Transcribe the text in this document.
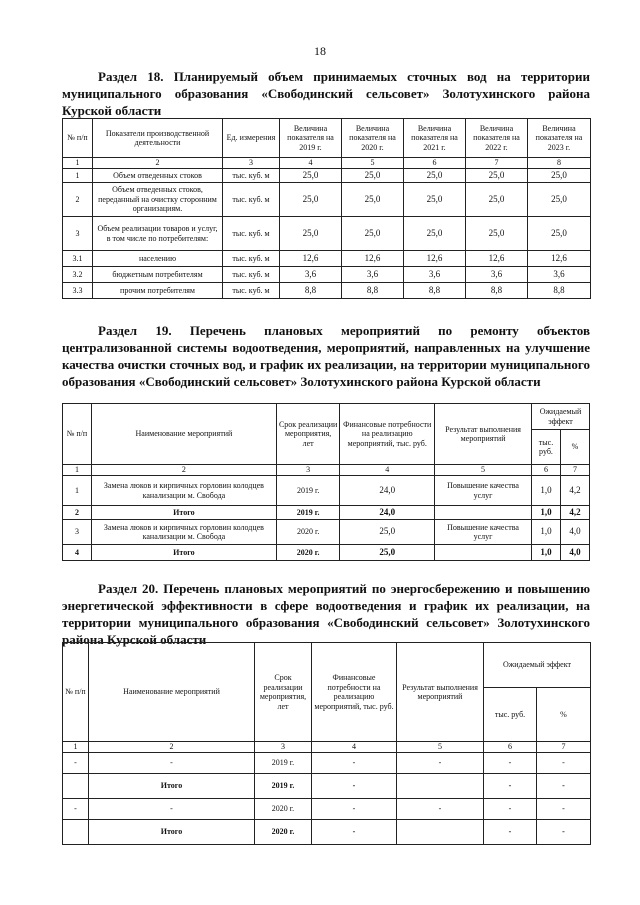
18
Раздел 18. Планируемый объем принимаемых сточных вод на территории муниципального образования «Свободинский сельсовет» Золотухинского района Курской области
№ п/п	Показатели производственной деятельности	Ед. измерения	Величина показателя на 2019 г.	Величина показателя на 2020 г.	Величина показателя на 2021 г.	Величина показателя на 2022 г.	Величина показателя на 2023 г.
1	2	3	4	5	6	7	8
1	Объем отведенных стоков	тыс. куб. м	25,0	25,0	25,0	25,0	25,0
2	Объем отведенных стоков, переданный на очистку сторонним организациям.	тыс. куб. м	25,0	25,0	25,0	25,0	25,0
3	Объем реализации товаров и услуг, в том числе по потребителям:	тыс. куб. м	25,0	25,0	25,0	25,0	25,0
3.1	населению	тыс. куб. м	12,6	12,6	12,6	12,6	12,6
3.2	бюджетным потребителям	тыс. куб. м	3,6	3,6	3,6	3,6	3,6
3.3	прочим потребителям	тыс. куб. м	8,8	8,8	8,8	8,8	8,8
Раздел 19. Перечень плановых мероприятий по ремонту объектов централизованной системы водоотведения, мероприятий, направленных на улучшение качества очистки сточных вод, и график их реализации, на территории муниципального образования «Свободинский сельсовет» Золотухинского района Курской области
№ п/п	Наименование мероприятий	Срок реализации мероприятия, лет	Финансовые потребности на реализацию мероприятий, тыс. руб.	Результат выполнения мероприятий	Ожидаемый эффект	
					тыс. руб.	%
1	2	3	4	5	6	7
1	Замена люков и кирпичных горловин колодцев канализации м. Свобода	2019 г.	24,0	Повышение качества услуг	1,0	4,2
2	Итого	2019 г.	24,0		1,0	4,2
3	Замена люков и кирпичных горловин колодцев канализации м. Свобода	2020 г.	25,0	Повышение качества услуг	1,0	4,0
4	Итого	2020 г.	25,0		1,0	4,0
Раздел 20. Перечень плановых мероприятий по энергосбережению и повышению энергетической эффективности в сфере водоотведения и график их реализации, на территории муниципального образования «Свободинский сельсовет» Золотухинского района Курской области
№ п/п	Наименование мероприятий	Срок реализации мероприятия, лет	Финансовые потребности на реализацию мероприятий, тыс. руб.	Результат выполнения мероприятий	Ожидаемый эффект	
					тыс. руб.	%
1	2	3	4	5	6	7
-	-	2019 г.	-	-	-	-
	Итого	2019 г.	-		-	-
-	-	2020 г.	-	-	-	-
	Итого	2020 г.	-		-	-
